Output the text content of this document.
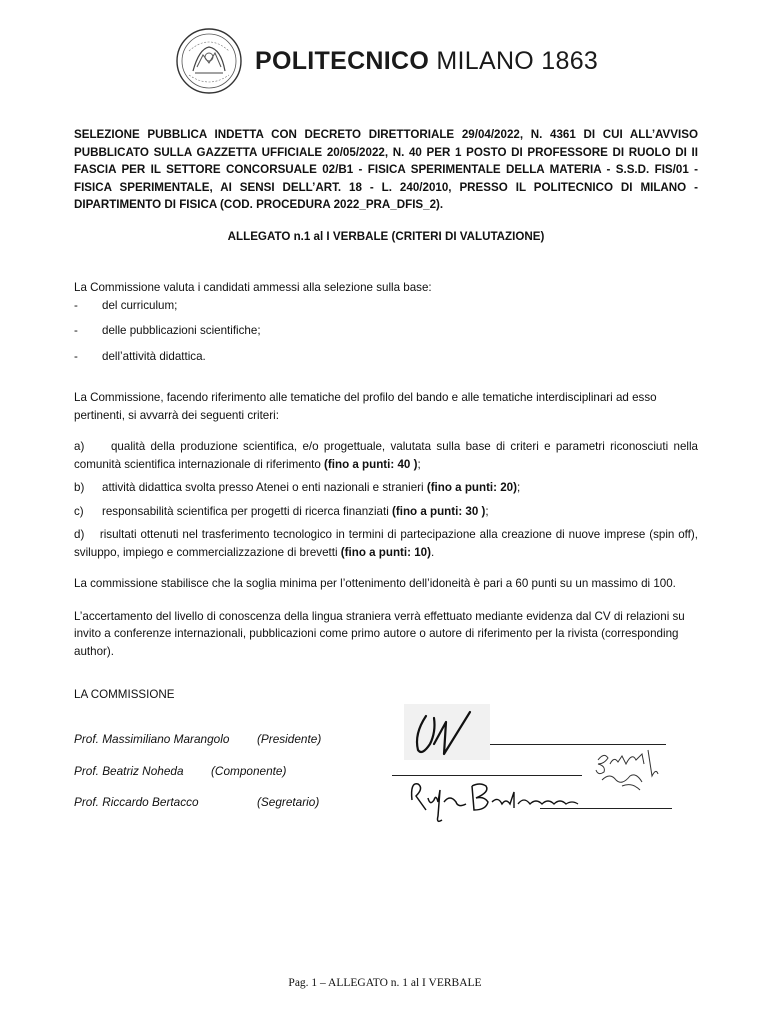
POLITECNICO MILANO 1863

SELEZIONE PUBBLICA INDETTA CON DECRETO DIRETTORIALE 29/04/2022, N. 4361 DI CUI ALL’AVVISO PUBBLICATO SULLA GAZZETTA UFFICIALE 20/05/2022, N. 40 PER 1 POSTO DI PROFESSORE DI RUOLO DI II FASCIA PER IL SETTORE CONCORSUALE 02/B1 - FISICA SPERIMENTALE DELLA MATERIA - S.S.D. FIS/01 - FISICA SPERIMENTALE, AI SENSI DELL’ART. 18 - L. 240/2010, PRESSO IL POLITECNICO DI MILANO - DIPARTIMENTO DI FISICA (COD. PROCEDURA 2022_PRA_DFIS_2).

ALLEGATO n.1 al I VERBALE (CRITERI DI VALUTAZIONE)

La Commissione valuta i candidati ammessi alla selezione sulla base:

-	del curriculum;
-	delle pubblicazioni scientifiche;
-	dell’attività didattica.

La Commissione, facendo riferimento alle tematiche del profilo del bando e alle tematiche interdisciplinari ad esso pertinenti, si avvarrà dei seguenti criteri:

a) qualità della produzione scientifica, e/o progettuale, valutata sulla base di criteri e parametri riconosciuti nella comunità scientifica internazionale di riferimento (fino a punti: 40 );

b)	attività didattica svolta presso Atenei o enti nazionali e stranieri (fino a punti: 20);
c)	responsabilità scientifica per progetti di ricerca finanziati (fino a punti: 30 );

d) risultati ottenuti nel trasferimento tecnologico in termini di partecipazione alla creazione di nuove imprese (spin off), sviluppo, impiego e commercializzazione di brevetti (fino a punti: 10).

La commissione stabilisce che la soglia minima per l’ottenimento dell’idoneità è pari a 60 punti su un massimo di 100.

L’accertamento del livello di conoscenza della lingua straniera verrà effettuato mediante evidenza dal CV di relazioni su invito a conferenze internazionali, pubblicazioni come primo autore o autore di riferimento per la rivista (corresponding author).

LA COMMISSIONE

Prof. Massimiliano Marangolo (Presidente)
Prof. Beatriz Noheda (Componente)
Prof. Riccardo Bertacco	(Segretario)
Pag. 1 – ALLEGATO n. 1 al I VERBALE
